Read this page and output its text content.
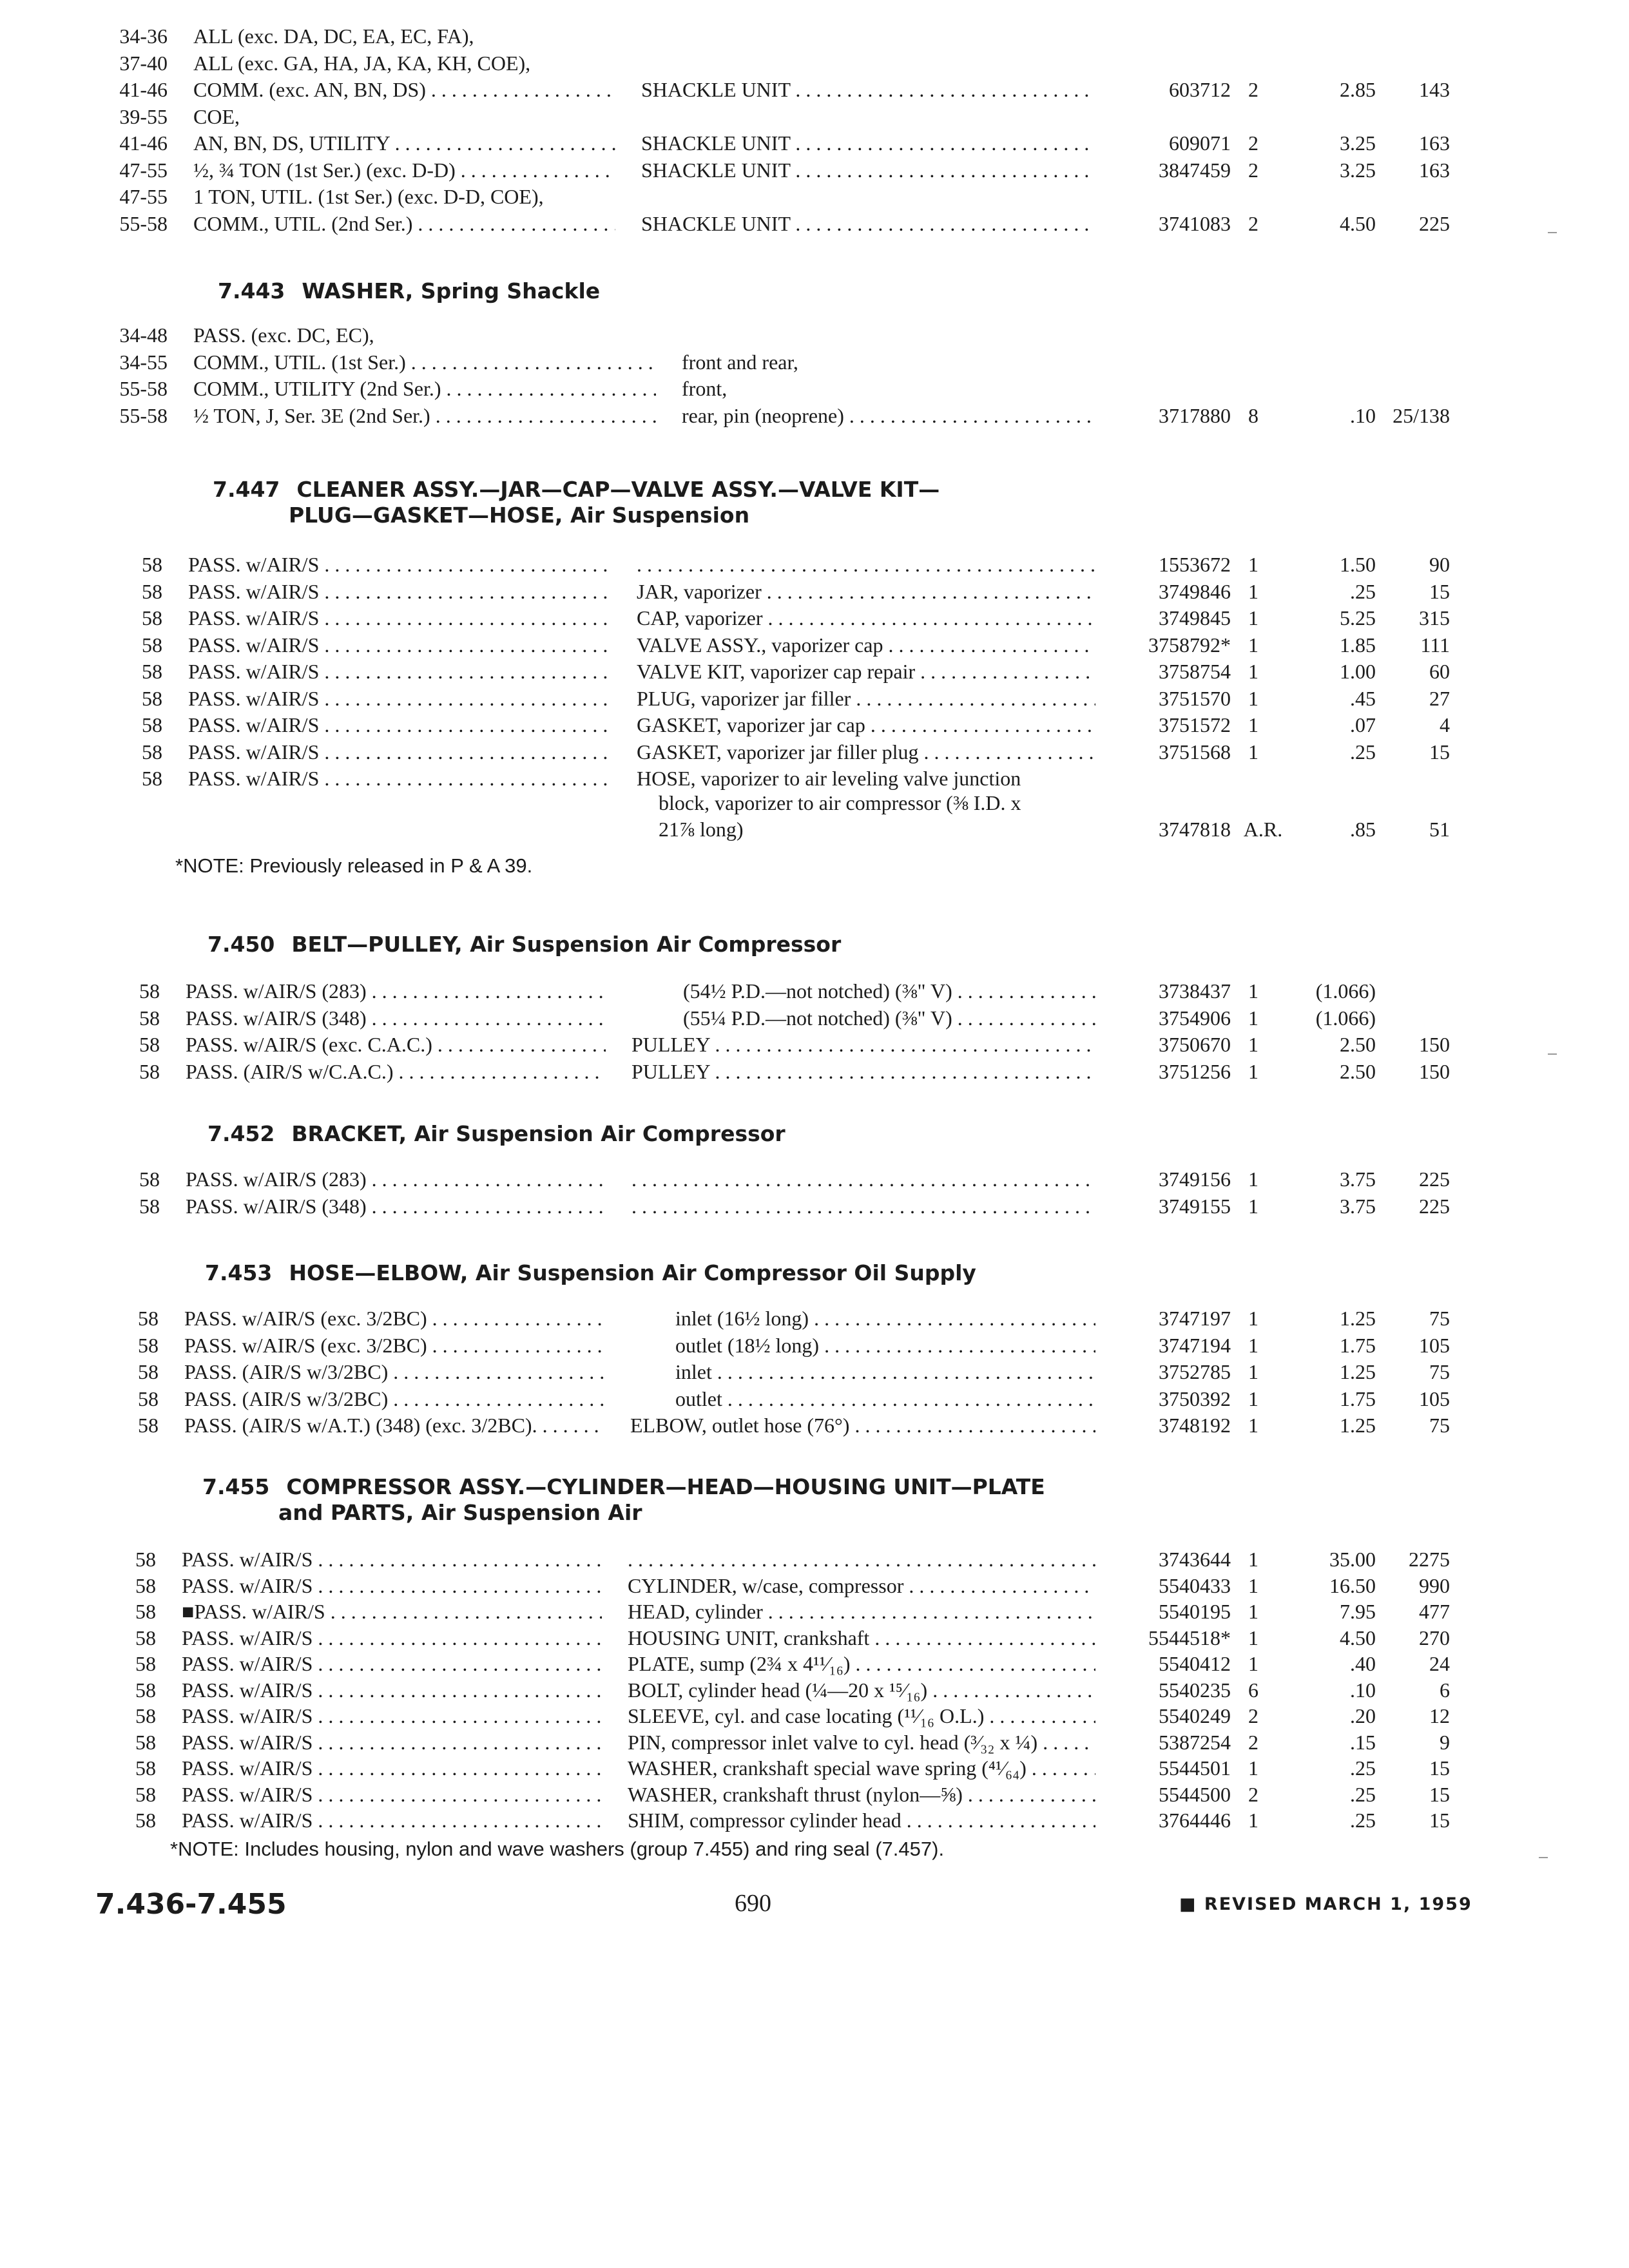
34-36 ALL (exc. DA, DC, EA, EC, FA),
37-40 ALL (exc. GA, HA, JA, KA, KH, COE),
41-46 COMM. (exc. AN, BN, DS) . . .	SHACKLE UNIT . . .	603712 2	2.85	143
39-55 COE,
41-46 AN, BN, DS, UTILITY . . .	SHACKLE UNIT . . .	609071 2	3.25	163
47-55 ½, ¾ TON (1st Ser.) (exc. D-D) . . .	SHACKLE UNIT . . .	3847459 2	3.25	163
47-55 1 TON, UTIL. (1st Ser.) (exc. D-D, COE),
55-58 COMM., UTIL. (2nd Ser.) . . .	SHACKLE UNIT . . .	3741083 2	4.50	225
7.443 WASHER, Spring Shackle
34-48 PASS. (exc. DC, EC),
34-55 COMM., UTIL. (1st Ser.) . . .	front and rear,
55-58 COMM., UTILITY (2nd Ser.) . . .	front,
55-58 ½ TON, J, Ser. 3E (2nd Ser.) . . .	rear, pin (neoprene) . . .	3717880 8	.10 25/138
7.447 CLEANER ASSY.—JAR—CAP—VALVE ASSY.—VALVE KIT—
PLUG—GASKET—HOSE, Air Suspension
58 PASS. w/AIR/S . . . . . .	1553672 1	1.50	90
58 PASS. w/AIR/S . . .	JAR, vaporizer . . .	3749846 1	.25	15
58 PASS. w/AIR/S . . .	CAP, vaporizer . . .	3749845 1	5.25	315
58 PASS. w/AIR/S . . .	VALVE ASSY., vaporizer cap . . .	3758792* 1	1.85	111
58 PASS. w/AIR/S . . .	VALVE KIT, vaporizer cap repair . . .	3758754 1	1.00	60
58 PASS. w/AIR/S . . .	PLUG, vaporizer jar filler . . .	3751570 1	.45	27
58 PASS. w/AIR/S . . .	GASKET, vaporizer jar cap . . .	3751572 1	.07	4
58 PASS. w/AIR/S . . .	GASKET, vaporizer jar filler plug . . .	3751568 1	.25	15
58 PASS. w/AIR/S . . .	HOSE, vaporizer to air leveling valve junction
block, vaporizer to air compressor (⅜ I.D. x
21⅞ long)	3747818 A.R.	.85	51
*NOTE: Previously released in P & A 39.
7.450 BELT—PULLEY, Air Suspension Air Compressor
58 PASS. w/AIR/S (283) . . .	(54½ P.D.—not notched) (⅜" V) . . .	3738437 1	(1.066)
58 PASS. w/AIR/S (348) . . .	(55¼ P.D.—not notched) (⅜" V) . . .	3754906 1	(1.066)
58 PASS. w/AIR/S (exc. C.A.C.) . . .	PULLEY . . .	3750670 1	2.50	150
58 PASS. (AIR/S w/C.A.C.) . . .	PULLEY . . .	3751256 1	2.50	150
7.452 BRACKET, Air Suspension Air Compressor
58 PASS. w/AIR/S (283) . . . . . .	3749156 1	3.75	225
58 PASS. w/AIR/S (348) . . . . . .	3749155 1	3.75	225
7.453 HOSE—ELBOW, Air Suspension Air Compressor Oil Supply
58 PASS. w/AIR/S (exc. 3/2BC) . . .	inlet (16½ long) . . .	3747197 1	1.25	75
58 PASS. w/AIR/S (exc. 3/2BC) . . .	outlet (18½ long) . . .	3747194 1	1.75	105
58 PASS. (AIR/S w/3/2BC) . . .	inlet . . .	3752785 1	1.25	75
58 PASS. (AIR/S w/3/2BC) . . .	outlet . . .	3750392 1	1.75	105
58 PASS. (AIR/S w/A.T.) (348) (exc. 3/2BC). . . .	ELBOW, outlet hose (76°) . . .	3748192 1	1.25	75
7.455 COMPRESSOR ASSY.—CYLINDER—HEAD—HOUSING UNIT—PLATE
and PARTS, Air Suspension Air
58 PASS. w/AIR/S . . . . . .	3743644 1	35.00	2275
58 PASS. w/AIR/S . . .	CYLINDER, w/case, compressor . . .	5540433 1	16.50	990
58 ■PASS. w/AIR/S . . .	HEAD, cylinder . . .	5540195 1	7.95	477
58 PASS. w/AIR/S . . .	HOUSING UNIT, crankshaft . . .	5544518* 1	4.50	270
58 PASS. w/AIR/S . . .	PLATE, sump (2¾ x 4¹¹⁄₁₆) . . .	5540412 1	.40	24
58 PASS. w/AIR/S . . .	BOLT, cylinder head (¼—20 x ¹⁵⁄₁₆) . . .	5540235 6	.10	6
58 PASS. w/AIR/S . . .	SLEEVE, cyl. and case locating (¹¹⁄₁₆ O.L.) . . .	5540249 2	.20	12
58 PASS. w/AIR/S . . .	PIN, compressor inlet valve to cyl. head (³⁄₃₂ x ¼) . . .	5387254 2	.15	9
58 PASS. w/AIR/S . . .	WASHER, crankshaft special wave spring (⁴¹⁄₆₄) . . .	5544501 1	.25	15
58 PASS. w/AIR/S . . .	WASHER, crankshaft thrust (nylon—⅝) . . .	5544500 2	.25	15
58 PASS. w/AIR/S . . .	SHIM, compressor cylinder head . . .	3764446 1	.25	15
*NOTE: Includes housing, nylon and wave washers (group 7.455) and ring seal (7.457).
7.436-7.455	690	■ REVISED MARCH 1, 1959
